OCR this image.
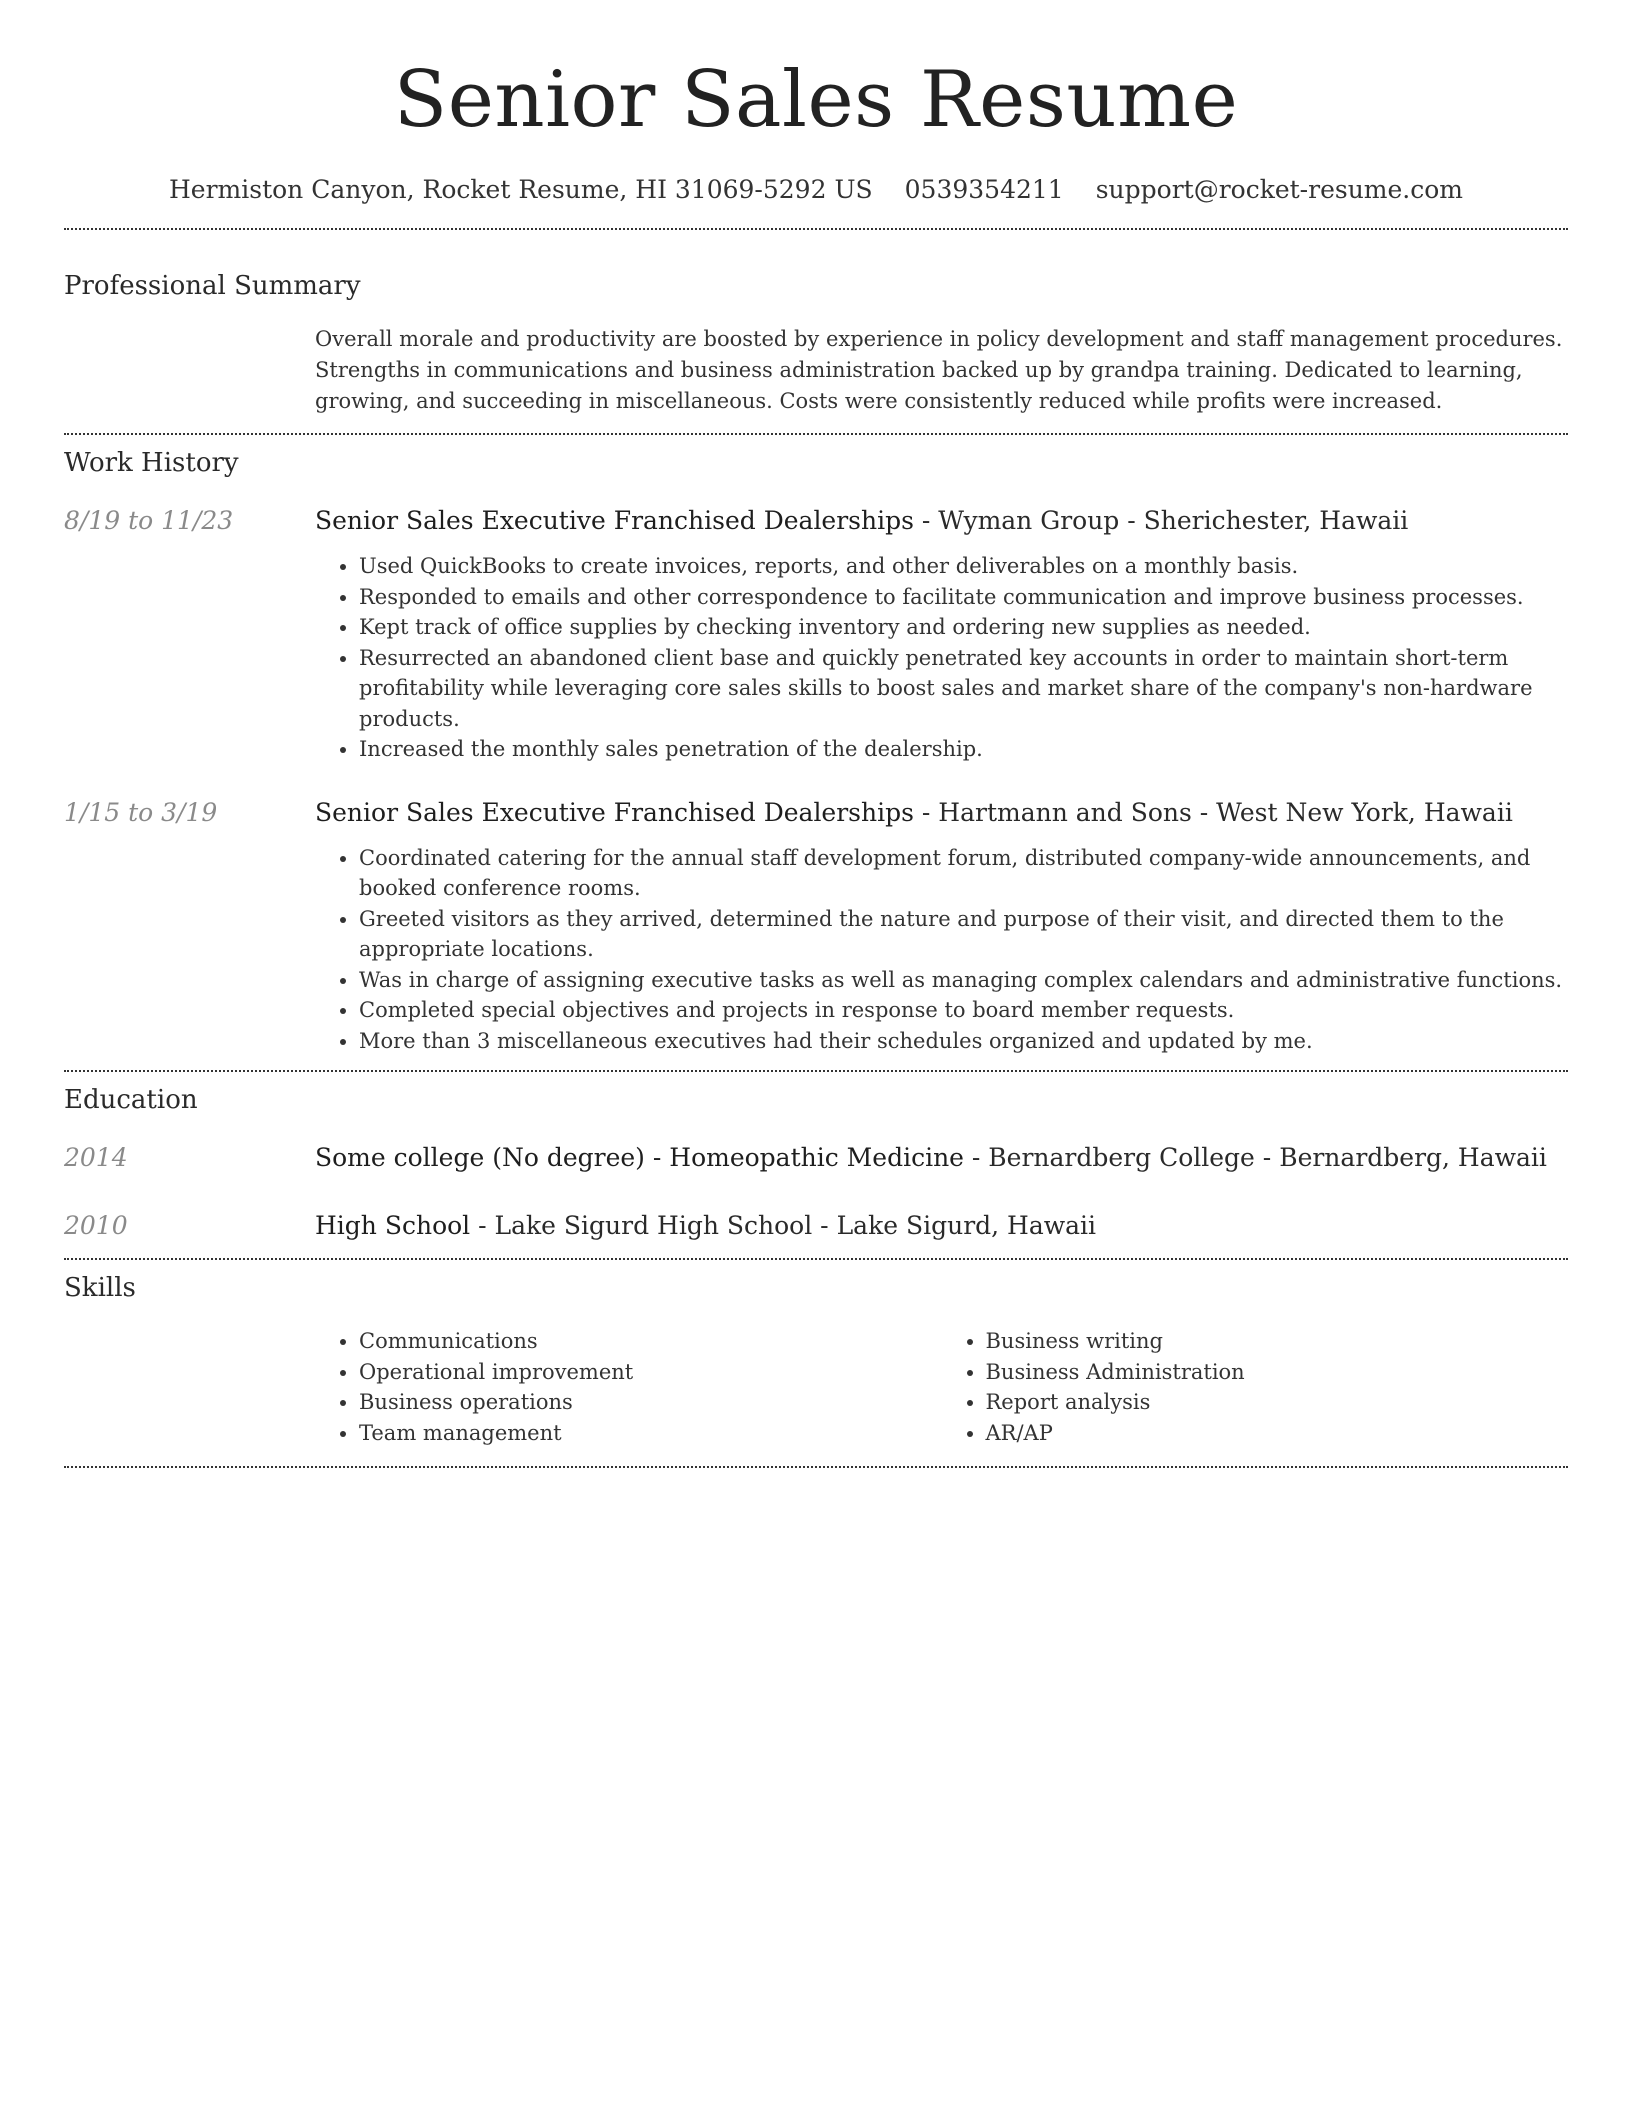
Senior Sales Resume
Hermiston Canyon, Rocket Resume, HI 31069-5292 US 0539354211 support@rocket-resume.com
Professional Summary
Overall morale and productivity are boosted by experience in policy development and staff management procedures. Strengths in communications and business administration backed up by grandpa training. Dedicated to learning, growing, and succeeding in miscellaneous. Costs were consistently reduced while profits were increased.
Work History
8/19 to 11/23	Senior Sales Executive Franchised Dealerships - Wyman Group - Sherichester, Hawaii
• Used QuickBooks to create invoices, reports, and other deliverables on a monthly basis.
• Responded to emails and other correspondence to facilitate communication and improve business processes.
• Kept track of office supplies by checking inventory and ordering new supplies as needed.
• Resurrected an abandoned client base and quickly penetrated key accounts in order to maintain short-term profitability while leveraging core sales skills to boost sales and market share of the company's non-hardware products.
• Increased the monthly sales penetration of the dealership.
1/15 to 3/19	Senior Sales Executive Franchised Dealerships - Hartmann and Sons - West New York, Hawaii
• Coordinated catering for the annual staff development forum, distributed company-wide announcements, and booked conference rooms.
• Greeted visitors as they arrived, determined the nature and purpose of their visit, and directed them to the appropriate locations.
• Was in charge of assigning executive tasks as well as managing complex calendars and administrative functions.
• Completed special objectives and projects in response to board member requests.
• More than 3 miscellaneous executives had their schedules organized and updated by me.
Education
2014	Some college (No degree) - Homeopathic Medicine - Bernardberg College - Bernardberg, Hawaii
2010	High School - Lake Sigurd High School - Lake Sigurd, Hawaii
Skills
• Communications
• Operational improvement
• Business operations
• Team management
• Business writing
• Business Administration
• Report analysis
• AR/AP
